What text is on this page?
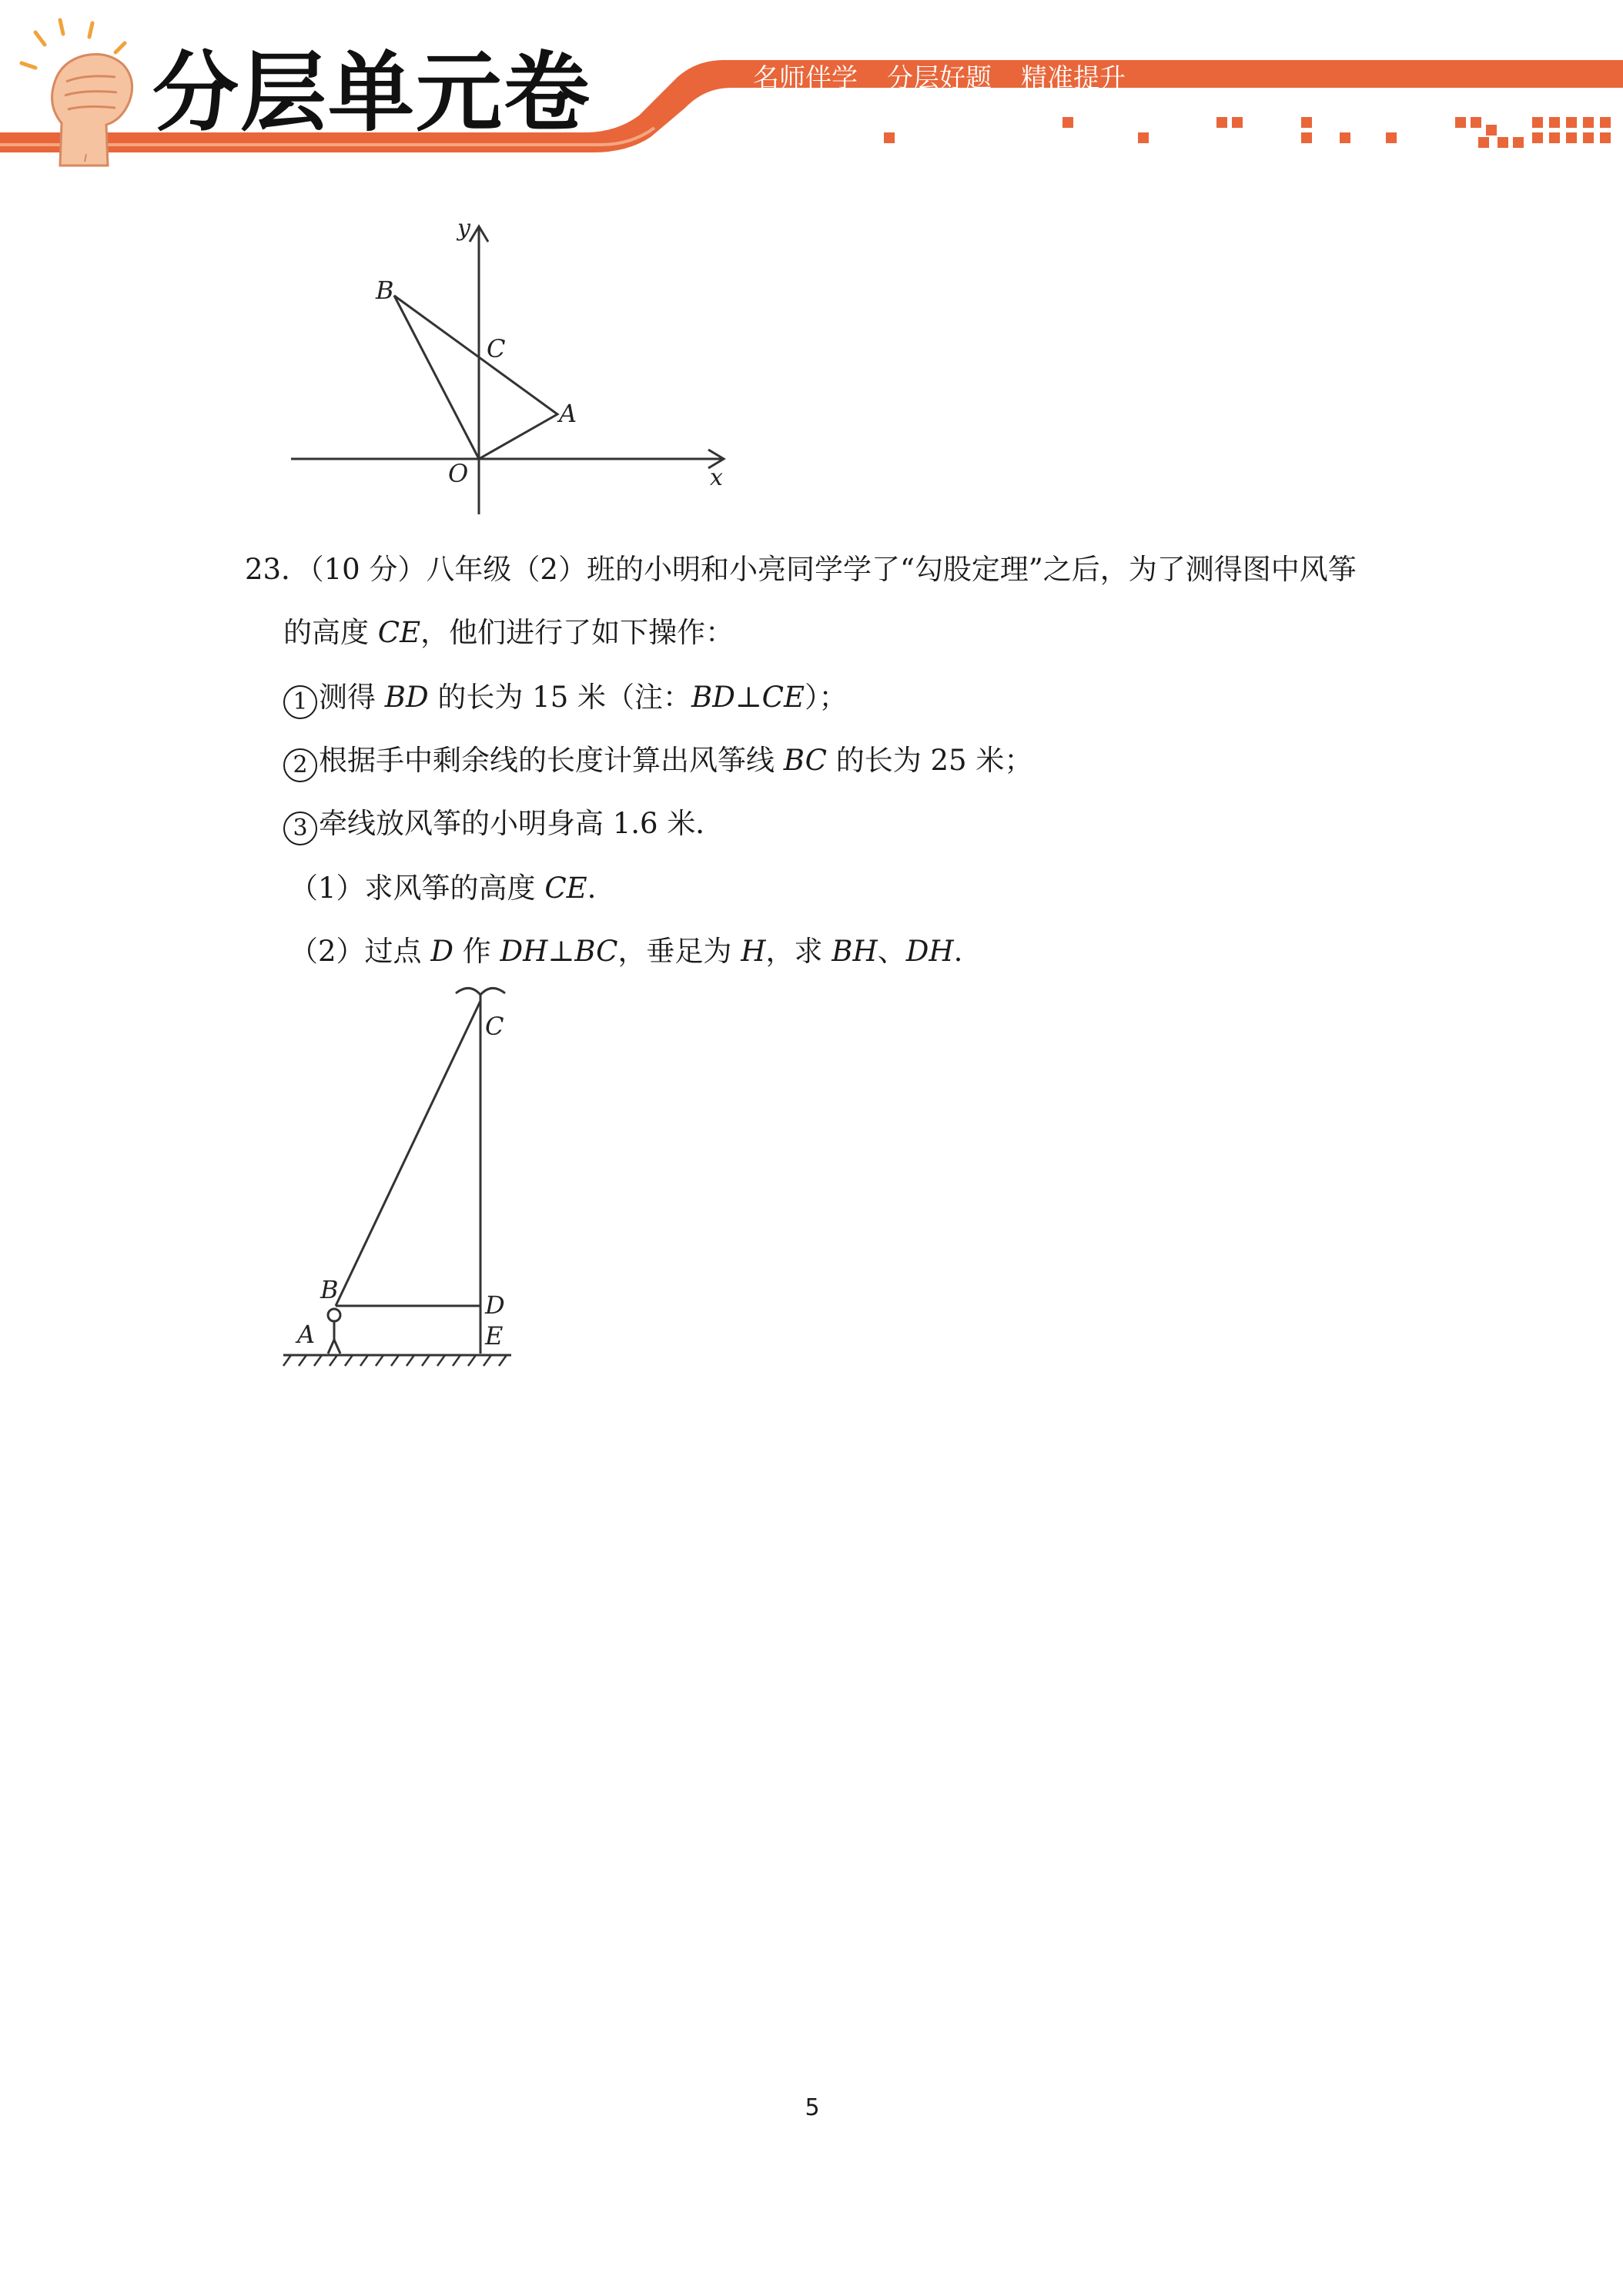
分层单元卷	名师伴学 分层好题 精准提升
y
x
B
C
A
O
23．（10 分）八年级（2）班的小明和小亮同学学了“勾股定理”之后，为了测得图中风筝
的高度 CE，他们进行了如下操作：
1 测得 BD 的长为 15 米（注：BD⊥CE）；
2 根据手中剩余线的长度计算出风筝线 BC 的长为 25 米；
3 牵线放风筝的小明身高 1.6 米．
（1）求风筝的高度 CE.
（2）过点 D 作 DH⊥BC，垂足为 H，求 BH、DH.
C
B
D
A	E
5
